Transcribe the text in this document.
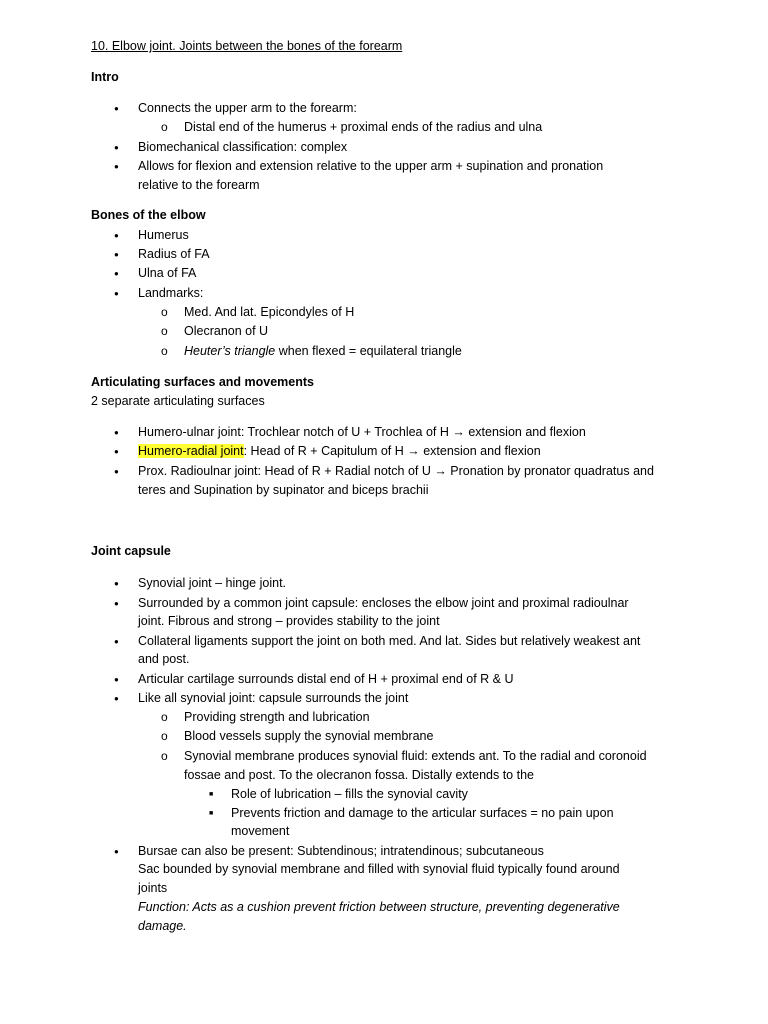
10. Elbow joint. Joints between the bones of the forearm
Intro
●
Connects the upper arm to the forearm:
o
Distal end of the humerus + proximal ends of the radius and ulna
●
Biomechanical classification: complex
●
Allows for flexion and extension relative to the upper arm + supination and pronation
relative to the forearm
Bones of the elbow
●
Humerus
●
Radius of FA
●
Ulna of FA
●
Landmarks:
o
Med. And lat. Epicondyles of H
o
Olecranon of U
o
Heuter’s triangle when flexed = equilateral triangle
Articulating surfaces and movements
2 separate articulating surfaces
●
Humero-ulnar joint: Trochlear notch of U + Trochlea of H → extension and flexion
●
Humero-radial joint: Head of R + Capitulum of H → extension and flexion
●
Prox. Radioulnar joint: Head of R + Radial notch of U → Pronation by pronator quadratus and
teres and Supination by supinator and biceps brachii
Joint capsule
●
Synovial joint – hinge joint.
●
Surrounded by a common joint capsule: encloses the elbow joint and proximal radioulnar
joint. Fibrous and strong – provides stability to the joint
●
Collateral ligaments support the joint on both med. And lat. Sides but relatively weakest ant
and post.
●
Articular cartilage surrounds distal end of H + proximal end of R & U
●
Like all synovial joint: capsule surrounds the joint
o
Providing strength and lubrication
o
Blood vessels supply the synovial membrane
o
Synovial membrane produces synovial fluid: extends ant. To the radial and coronoid
fossae and post. To the olecranon fossa. Distally extends to the
■
Role of lubrication – fills the synovial cavity
■
Prevents friction and damage to the articular surfaces = no pain upon
movement
●
Bursae can also be present: Subtendinous; intratendinous; subcutaneous
Sac bounded by synovial membrane and filled with synovial fluid typically found around
joints
Function: Acts as a cushion prevent friction between structure, preventing degenerative
damage.
